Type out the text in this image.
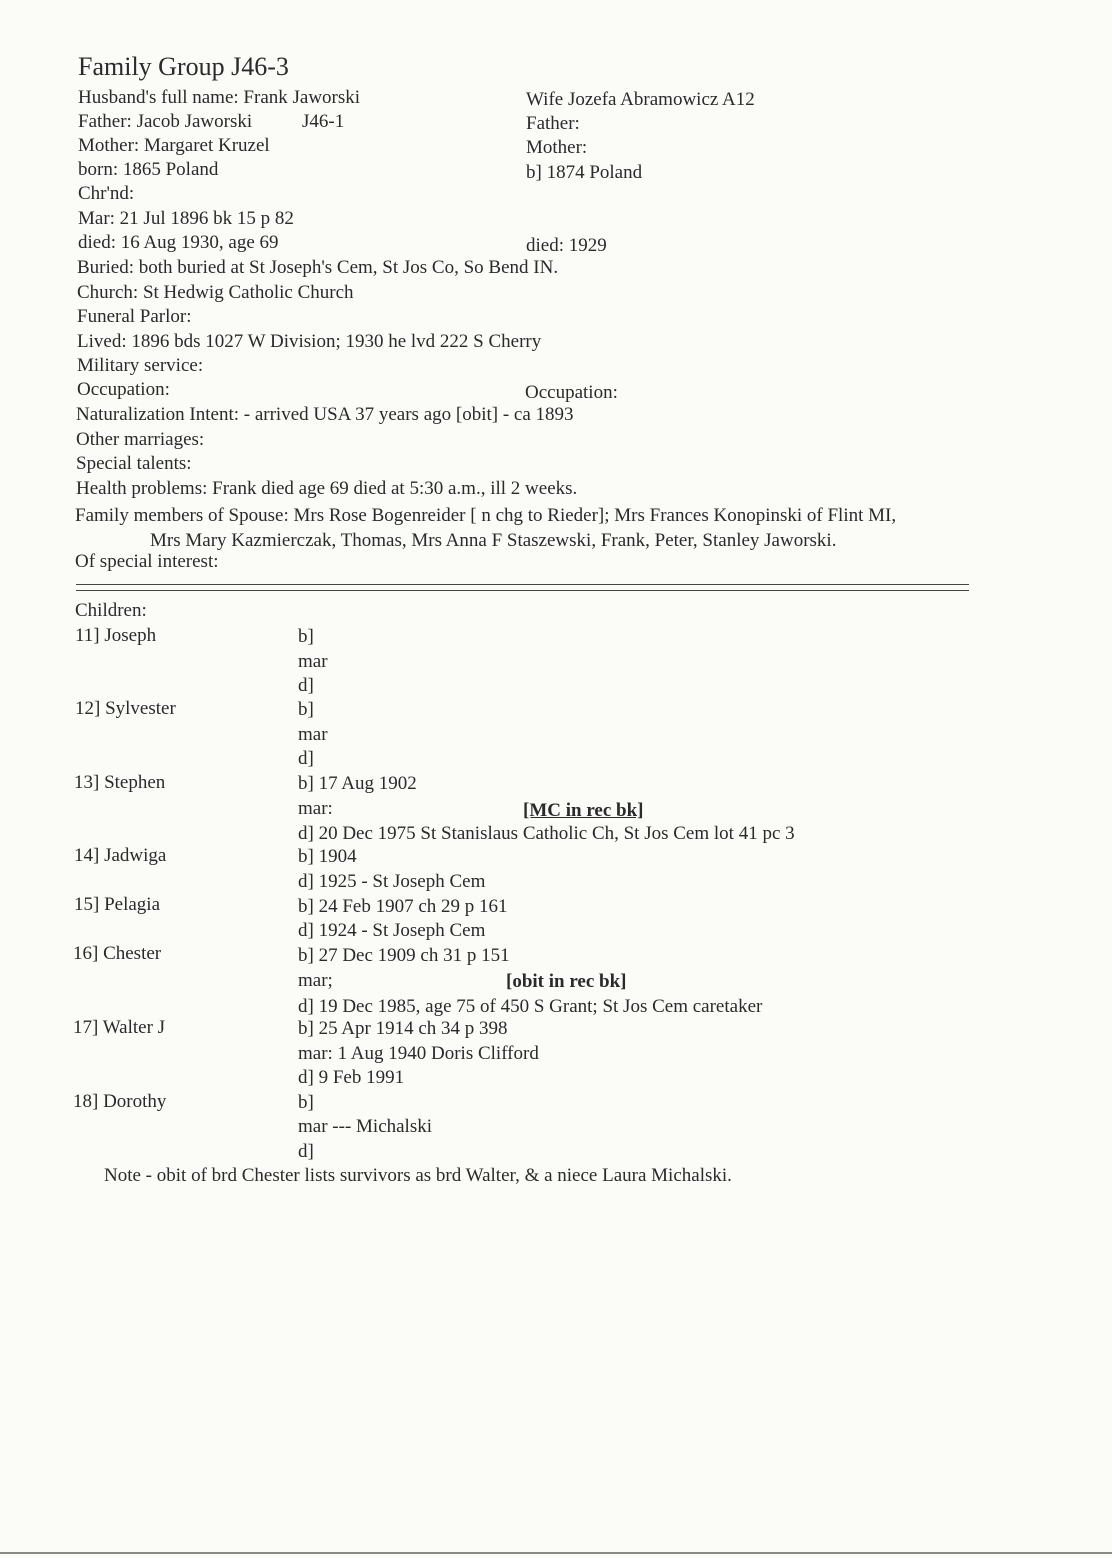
Family Group J46-3
Husband's full name: Frank Jaworski
Father: Jacob Jaworski	J46-1
Mother: Margaret Kruzel
born: 1865 Poland
Chr'nd:
Mar: 21 Jul 1896 bk 15 p 82
died: 16 Aug 1930, age 69
Buried: both buried at St Joseph's Cem, St Jos Co, So Bend IN.
Church: St Hedwig Catholic Church
Funeral Parlor:
Lived: 1896 bds 1027 W Division; 1930 he lvd 222 S Cherry
Military service:
Occupation:
Naturalization Intent: - arrived USA 37 years ago [obit] - ca 1893
Other marriages:
Special talents:
Health problems: Frank died age 69 died at 5:30 a.m., ill 2 weeks.
Family members of Spouse: Mrs Rose Bogenreider [ n chg to Rieder]; Mrs Frances Konopinski of Flint MI,
Mrs Mary Kazmierczak, Thomas, Mrs Anna F Staszewski, Frank, Peter, Stanley Jaworski.
Of special interest:
Wife Jozefa Abramowicz A12
Father:
Mother:
b] 1874 Poland
died: 1929
Occupation:
Children:
11] Joseph	b]
mar
d]
12] Sylvester	b]
mar
d]
13] Stephen	b] 17 Aug 1902
mar:	[MC in rec bk]
d] 20 Dec 1975 St Stanislaus Catholic Ch, St Jos Cem lot 41 pc 3
14] Jadwiga	b] 1904
d] 1925 - St Joseph Cem
15] Pelagia	b] 24 Feb 1907 ch 29 p 161
d] 1924 - St Joseph Cem
16] Chester	b] 27 Dec 1909 ch 31 p 151
mar;	[obit in rec bk]
d] 19 Dec 1985, age 75 of 450 S Grant; St Jos Cem caretaker
17] Walter J	b] 25 Apr 1914 ch 34 p 398
mar: 1 Aug 1940 Doris Clifford
d] 9 Feb 1991
18] Dorothy	b]
mar --- Michalski
d]
Note - obit of brd Chester lists survivors as brd Walter, & a niece Laura Michalski.
